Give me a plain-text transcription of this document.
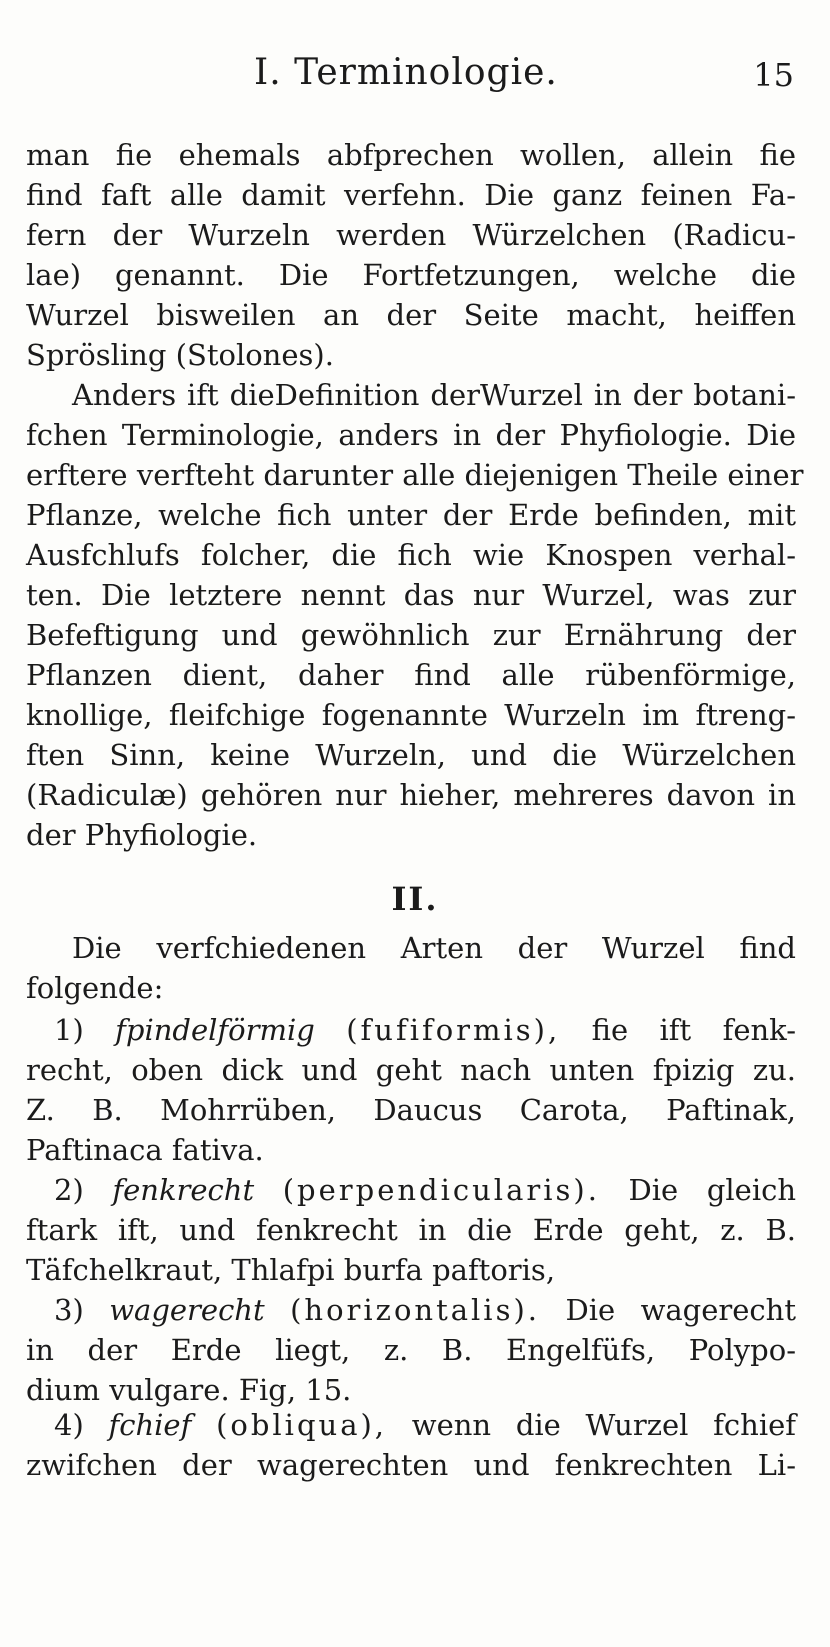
I. Terminologie.	15
man fie ehemals abfprechen wollen, allein fie
find faft alle damit verfehn. Die ganz feinen Fa-
fern der Wurzeln werden Würzelchen (Radicu-
lae) genannt. Die Fortfetzungen, welche die
Wurzel bisweilen an der Seite macht, heiffen
Sprösling (Stolones).
Anders ift dieDefinition derWurzel in der botani-
fchen Terminologie, anders in der Phyfiologie. Die
erftere verfteht darunter alle diejenigen Theile einer
Pflanze, welche fich unter der Erde befinden, mit
Ausfchlufs folcher, die fich wie Knospen verhal-
ten. Die letztere nennt das nur Wurzel, was zur
Befeftigung und gewöhnlich zur Ernährung der
Pflanzen dient, daher find alle rübenförmige,
knollige, fleifchige fogenannte Wurzeln im ftreng-
ften Sinn, keine Wurzeln, und die Würzelchen
(Radiculæ) gehören nur hieher, mehreres davon in
der Phyfiologie.
II.
Die verfchiedenen Arten der Wurzel find
folgende:
1) fpindelförmig (fufiformis), fie ift fenk-
recht, oben dick und geht nach unten fpizig zu.
Z. B. Mohrrüben, Daucus Carota, Paftinak,
Paftinaca fativa.
2) fenkrecht (perpendicularis). Die gleich
ftark ift, und fenkrecht in die Erde geht, z. B.
Täfchelkraut, Thlafpi burfa paftoris,
3) wagerecht (horizontalis). Die wagerecht
in der Erde liegt, z. B. Engelfüfs, Polypo-
dium vulgare. Fig, 15.
4) fchief (obliqua), wenn die Wurzel fchief
zwifchen der wagerechten und fenkrechten Li-
